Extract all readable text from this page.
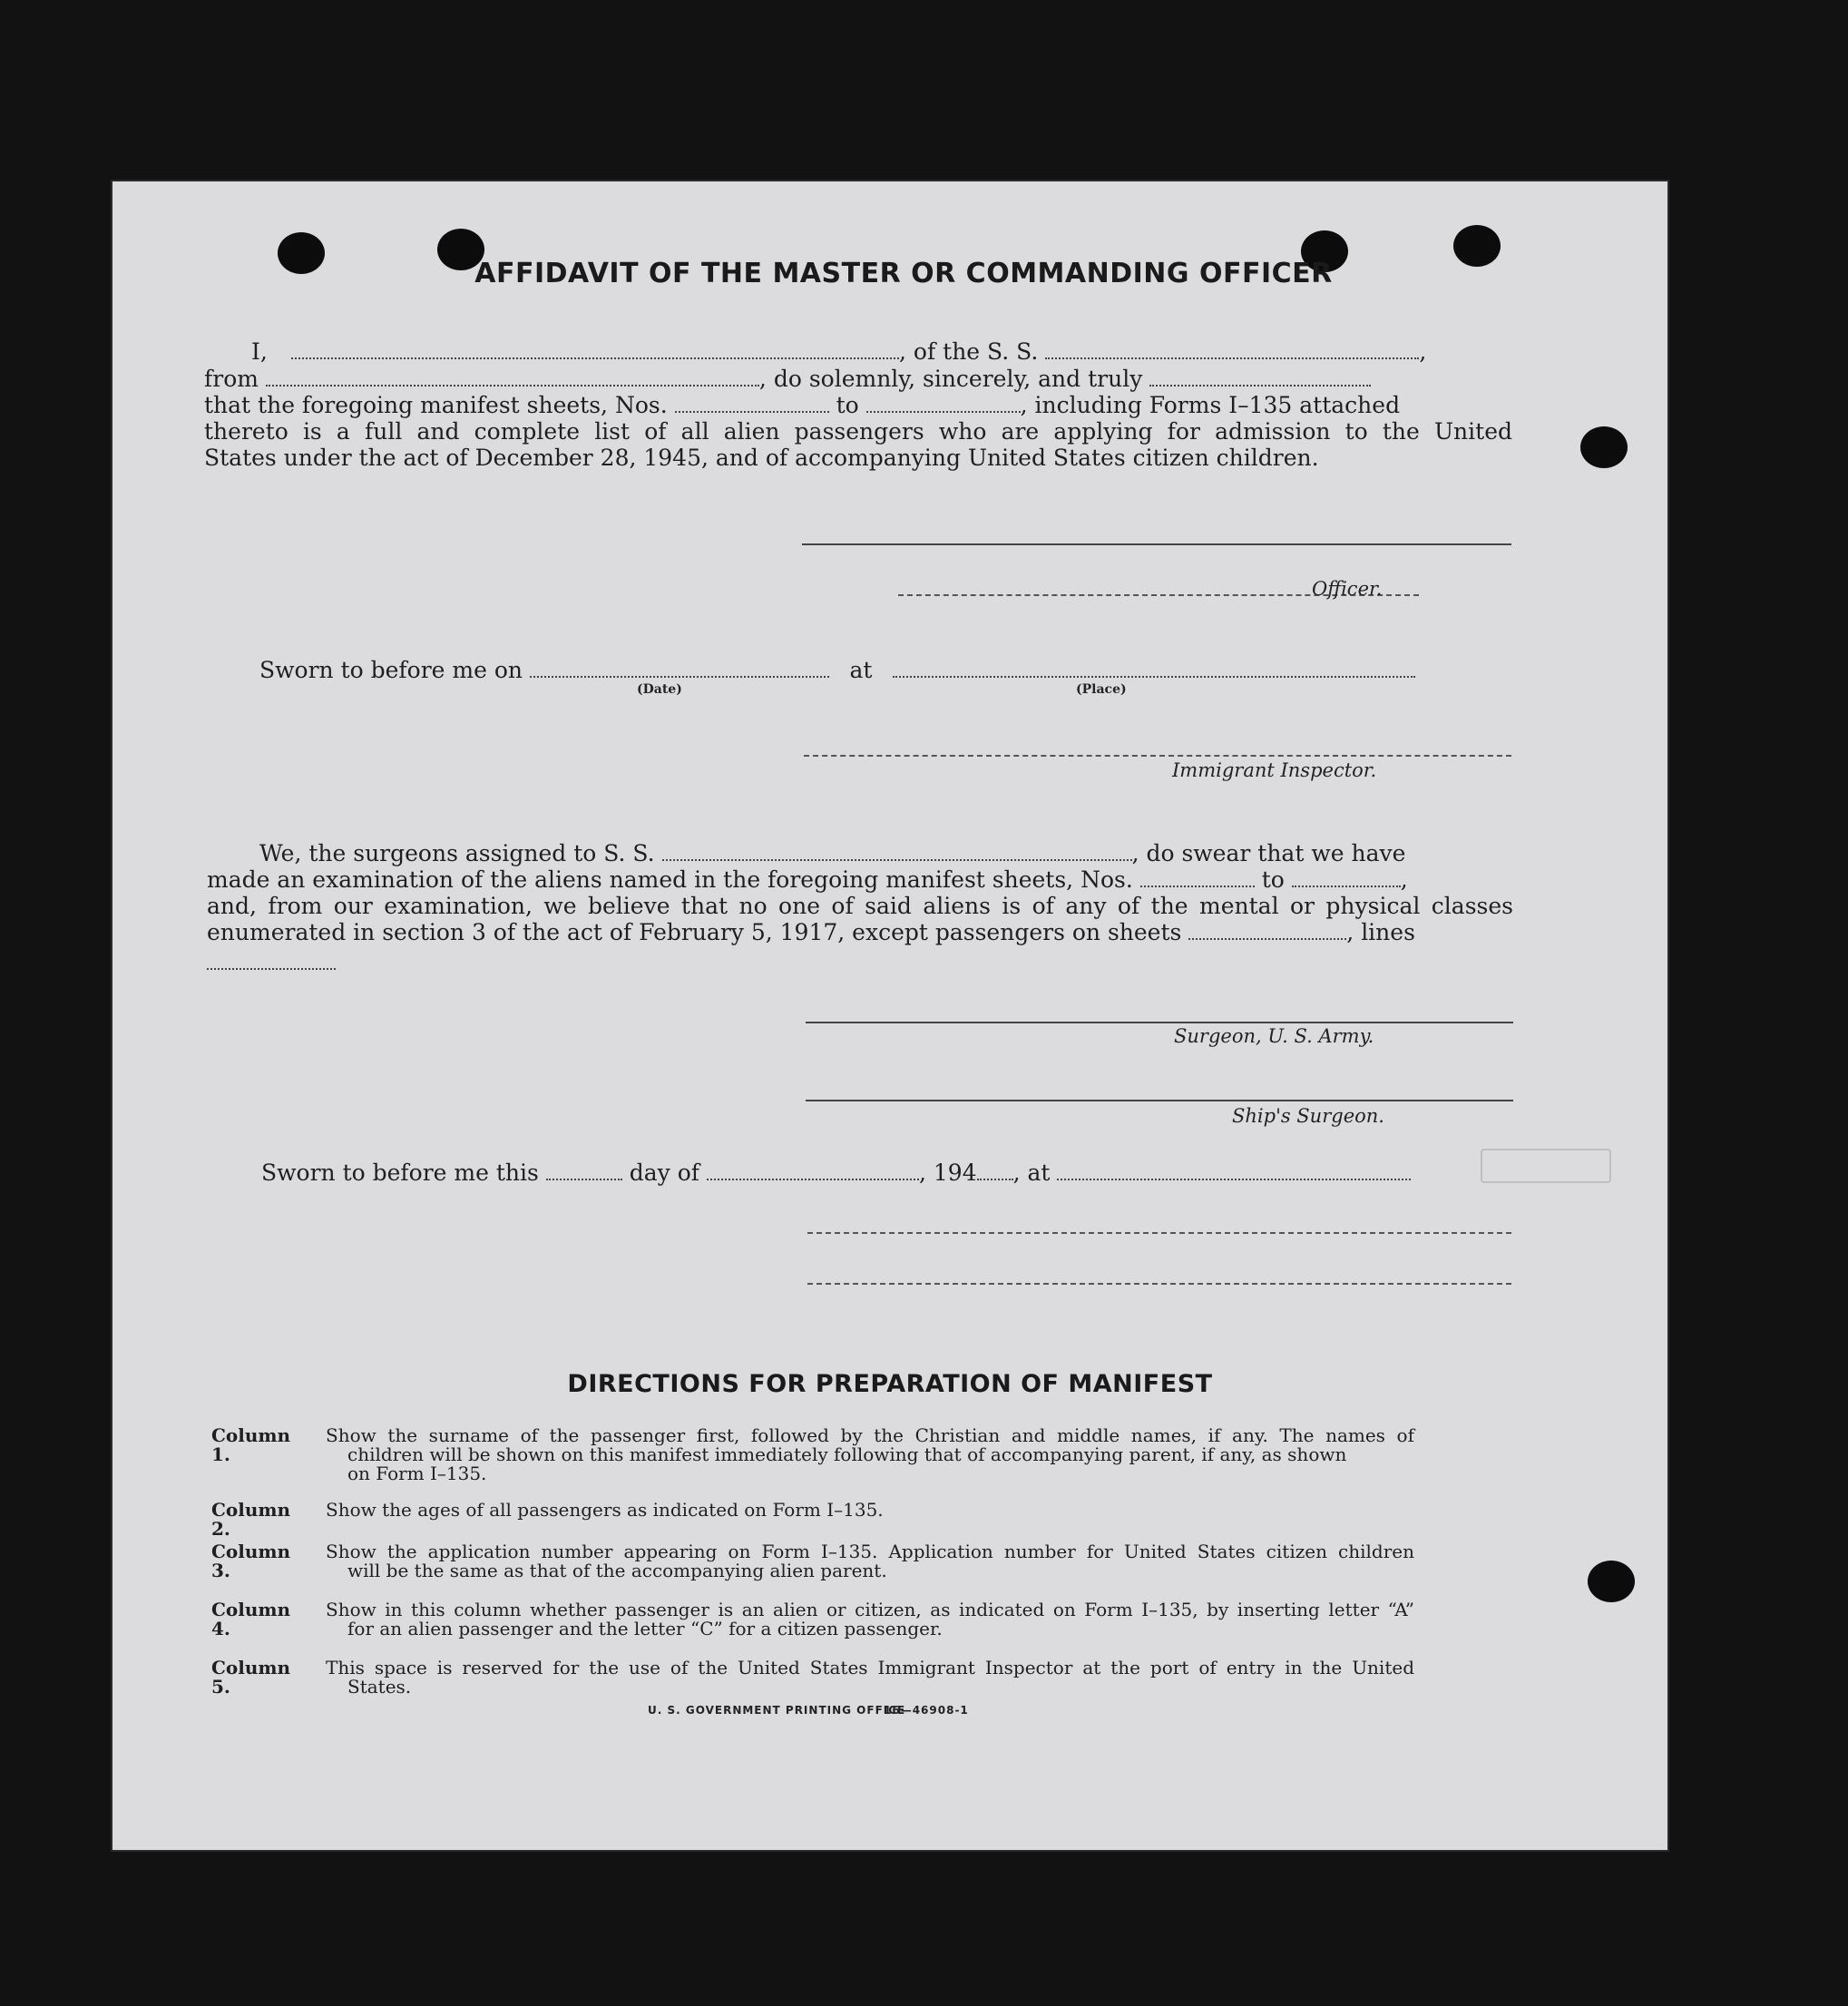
AFFIDAVIT OF THE MASTER OR COMMANDING OFFICER
I,	, of the S. S.	,
from	, do solemnly, sincerely, and truly
that the foregoing manifest sheets, Nos.	to	, including Forms I–135 attached
thereto is a full and complete list of all alien passengers who are applying for admission to the United
States under the act of December 28, 1945, and of accompanying United States citizen children.
Officer.
Sworn to before me on	at
(Date)	(Place)
Immigrant Inspector.
We, the surgeons assigned to S. S.	, do swear that we have
made an examination of the aliens named in the foregoing manifest sheets, Nos.	to	,
and, from our examination, we believe that no one of said aliens is of any of the mental or physical classes
enumerated in section 3 of the act of February 5, 1917, except passengers on sheets	, lines
Surgeon, U. S. Army.
Ship's Surgeon.
Sworn to before me this	day of	, 194 , at
DIRECTIONS FOR PREPARATION OF MANIFEST
Column 1.
Show the surname of the passenger first, followed by the Christian and middle names, if any. The names of
children will be shown on this manifest immediately following that of accompanying parent, if any, as shown
on Form I–135.
Column 2.
Show the ages of all passengers as indicated on Form I–135.
Column 3.
Show the application number appearing on Form I–135. Application number for United States citizen children
will be the same as that of the accompanying alien parent.
Column 4.
Show in this column whether passenger is an alien or citizen, as indicated on Form I–135, by inserting letter “A”
for an alien passenger and the letter “C” for a citizen passenger.
Column 5.
This space is reserved for the use of the United States Immigrant Inspector at the port of entry in the United
States.
U. S. GOVERNMENT PRINTING OFFICE
16—46908-1
